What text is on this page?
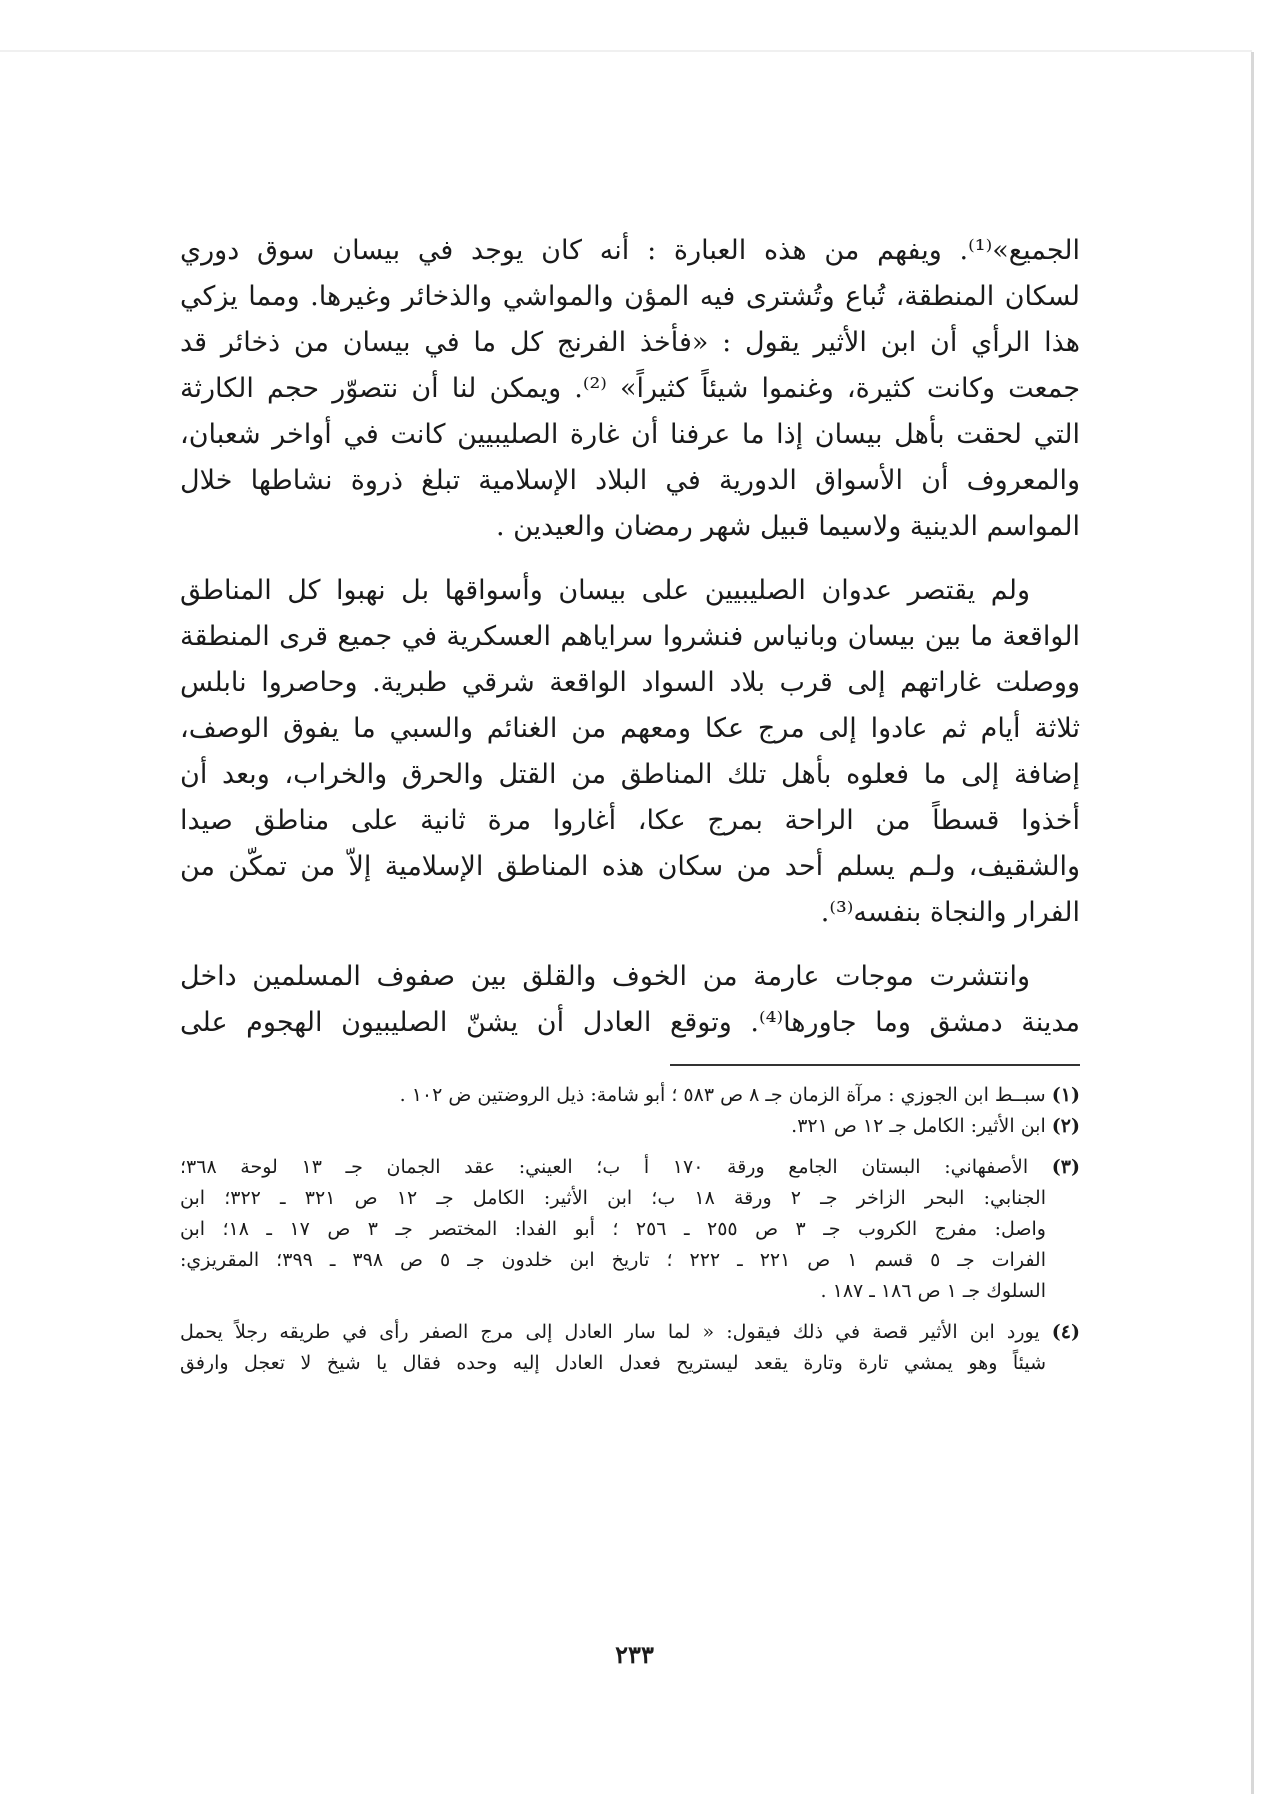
الجميع»⁽¹⁾. ويفهم من هذه العبارة : أنه كان يوجد في بيسان سوق دوري
لسكان المنطقة، تُباع وتُشترى فيه المؤن والمواشي والذخائر وغيرها. ومما يزكي
هذا الرأي أن ابن الأثير يقول : «فأخذ الفرنج كل ما في بيسان من ذخائر قد
جمعت وكانت كثيرة، وغنموا شيئاً كثيراً» ⁽²⁾. ويمكن لنا أن نتصوّر حجم الكارثة
التي لحقت بأهل بيسان إذا ما عرفنا أن غارة الصليبيين كانت في أواخر شعبان،
والمعروف أن الأسواق الدورية في البلاد الإسلامية تبلغ ذروة نشاطها خلال
المواسم الدينية ولاسيما قبيل شهر رمضان والعيدين .
ولم يقتصر عدوان الصليبيين على بيسان وأسواقها بل نهبوا كل المناطق
الواقعة ما بين بيسان وبانياس فنشروا سراياهم العسكرية في جميع قرى المنطقة
ووصلت غاراتهم إلى قرب بلاد السواد الواقعة شرقي طبرية. وحاصروا نابلس
ثلاثة أيام ثم عادوا إلى مرج عكا ومعهم من الغنائم والسبي ما يفوق الوصف،
إضافة إلى ما فعلوه بأهل تلك المناطق من القتل والحرق والخراب، وبعد أن
أخذوا قسطاً من الراحة بمرج عكا، أغاروا مرة ثانية على مناطق صيدا
والشقيف، ولـم يسلم أحد من سكان هذه المناطق الإسلامية إلاّ من تمكّن من
الفرار والنجاة بنفسه⁽³⁾.
وانتشرت موجات عارمة من الخوف والقلق بين صفوف المسلمين داخل
مدينة دمشق وما جاورها⁽⁴⁾. وتوقع العادل أن يشنّ الصليبيون الهجوم على
(١) سبــط ابن الجوزي : مرآة الزمان جـ ٨ ص ٥٨٣ ؛ أبو شامة: ذيل الروضتين ض ١٠٢ .
(٢) ابن الأثير: الكامل جـ ١٢ ص ٣٢١.
(٣) الأصفهاني: البستان الجامع ورقة ١٧٠ أ ب؛ العيني: عقد الجمان جـ ١٣ لوحة ٣٦٨؛
الجنابي: البحر الزاخر جـ ٢ ورقة ١٨ ب؛ ابن الأثير: الكامل جـ ١٢ ص ٣٢١ ـ ٣٢٢؛ ابن
واصل: مفرج الكروب جـ ٣ ص ٢٥٥ ـ ٢٥٦ ؛ أبو الفدا: المختصر جـ ٣ ص ١٧ ـ ١٨؛ ابن
الفرات جـ ٥ قسم ١ ص ٢٢١ ـ ٢٢٢ ؛ تاريخ ابن خلدون جـ ٥ ص ٣٩٨ ـ ٣٩٩؛ المقريزي:
السلوك جـ ١ ص ١٨٦ ـ ١٨٧ .
(٤) يورد ابن الأثير قصة في ذلك فيقول: « لما سار العادل إلى مرج الصفر رأى في طريقه رجلاً يحمل
شيئاً وهو يمشي تارة وتارة يقعد ليستريح فعدل العادل إليه وحده فقال يا شيخ لا تعجل وارفق
٢٣٣
